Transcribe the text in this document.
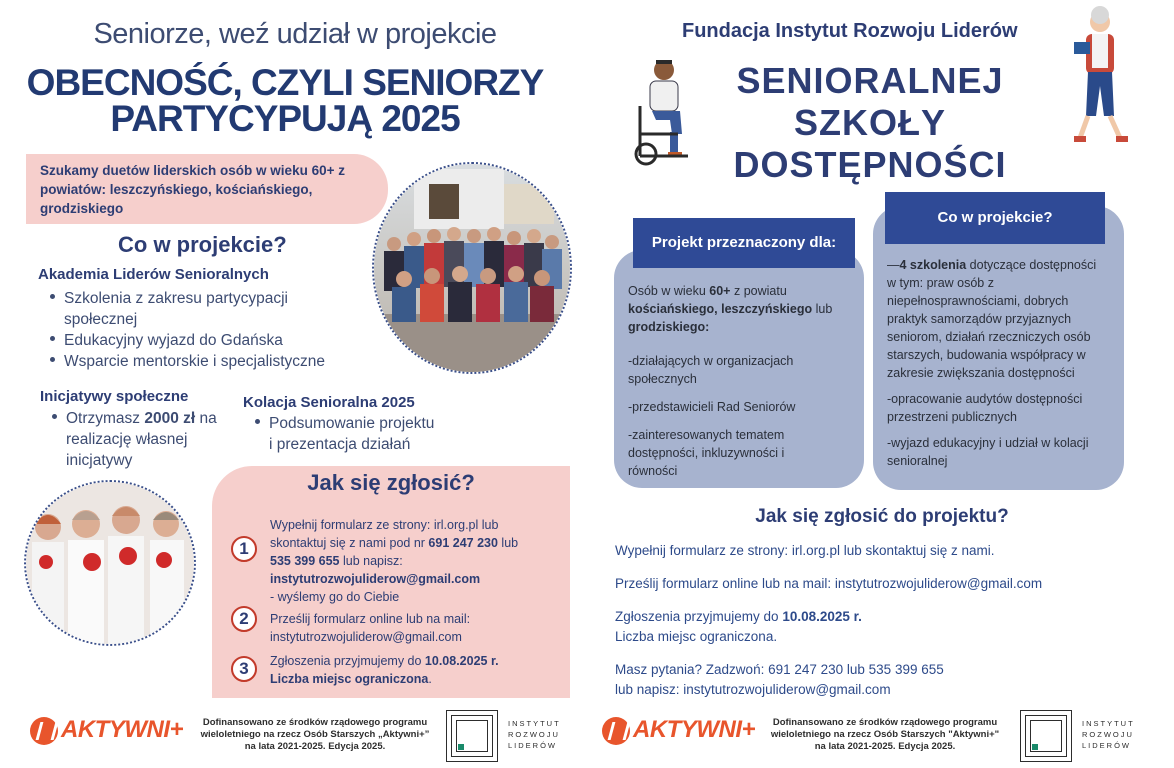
Seniorze, weź udział w projekcie
OBECNOŚĆ, CZYLI SENIORZY
PARTYCYPUJĄ 2025
Szukamy duetów liderskich osób w wieku 60+ z
powiatów: leszczyńskiego, kościańskiego,
grodziskiego
Co w projekcie?
Akademia Liderów Senioralnych
Szkolenia z zakresu partycypacji
społecznej
Edukacyjny wyjazd do Gdańska
Wsparcie mentorskie i specjalistyczne
Inicjatywy społeczne
Otrzymasz 2000 zł na
realizację własnej
inicjatywy
Kolacja Senioralna 2025
Podsumowanie projektu
i prezentacja działań
Jak się zgłosić?
1
Wypełnij formularz ze strony: irl.org.pl lub
skontaktuj się z nami pod nr 691 247 230 lub
535 399 655 lub napisz:
instytutrozwojuliderow@gmail.com
- wyślemy go do Ciebie
2	Prześlij formularz online lub na mail:
instytutrozwojuliderow@gmail.com
3	Zgłoszenia przyjmujemy do 10.08.2025 r.
Liczba miejsc ograniczona.
AKTYWNI+ Dofinansowano ze środków rządowego programu
wieloletniego na rzecz Osób Starszych „Aktywni+”
na lata 2021-2025. Edycja 2025.
INSTYTUT
ROZWOJU
LIDERÓW
Fundacja Instytut Rozwoju Liderów
SENIORALNEJ
SZKOŁY
DOSTĘPNOŚCI
Projekt przeznaczony dla:
Osób w wieku 60+ z powiatu
kościańskiego, leszczyńskiego lub
grodziskiego:
-działających w organizacjach
społecznych
-przedstawicieli Rad Seniorów
-zainteresowanych tematem
dostępności, inkluzywności i
równości
Co w projekcie?
—4 szkolenia dotyczące dostępności
w tym: praw osób z
niepełnosprawnościami, dobrych
praktyk samorządów przyjaznych
seniorom, działań rzeczniczych osób
starszych, budowania współpracy w
zakresie zwiększania dostępności
-opracowanie audytów dostępności
przestrzeni publicznych
-wyjazd edukacyjny i udział w kolacji
senioralnej
Jak się zgłosić do projektu?
Wypełnij formularz ze strony: irl.org.pl lub skontaktuj się z nami.
Prześlij formularz online lub na mail: instytutrozwojuliderow@gmail.com
Zgłoszenia przyjmujemy do 10.08.2025 r.
Liczba miejsc ograniczona.
Masz pytania? Zadzwoń: 691 247 230 lub 535 399 655
lub napisz: instytutrozwojuliderow@gmail.com
AKTYWNI+ Dofinansowano ze środków rządowego programu
wieloletniego na rzecz Osób Starszych "Aktywni+"
na lata 2021-2025. Edycja 2025.
INSTYTUT
ROZWOJU
LIDERÓW
